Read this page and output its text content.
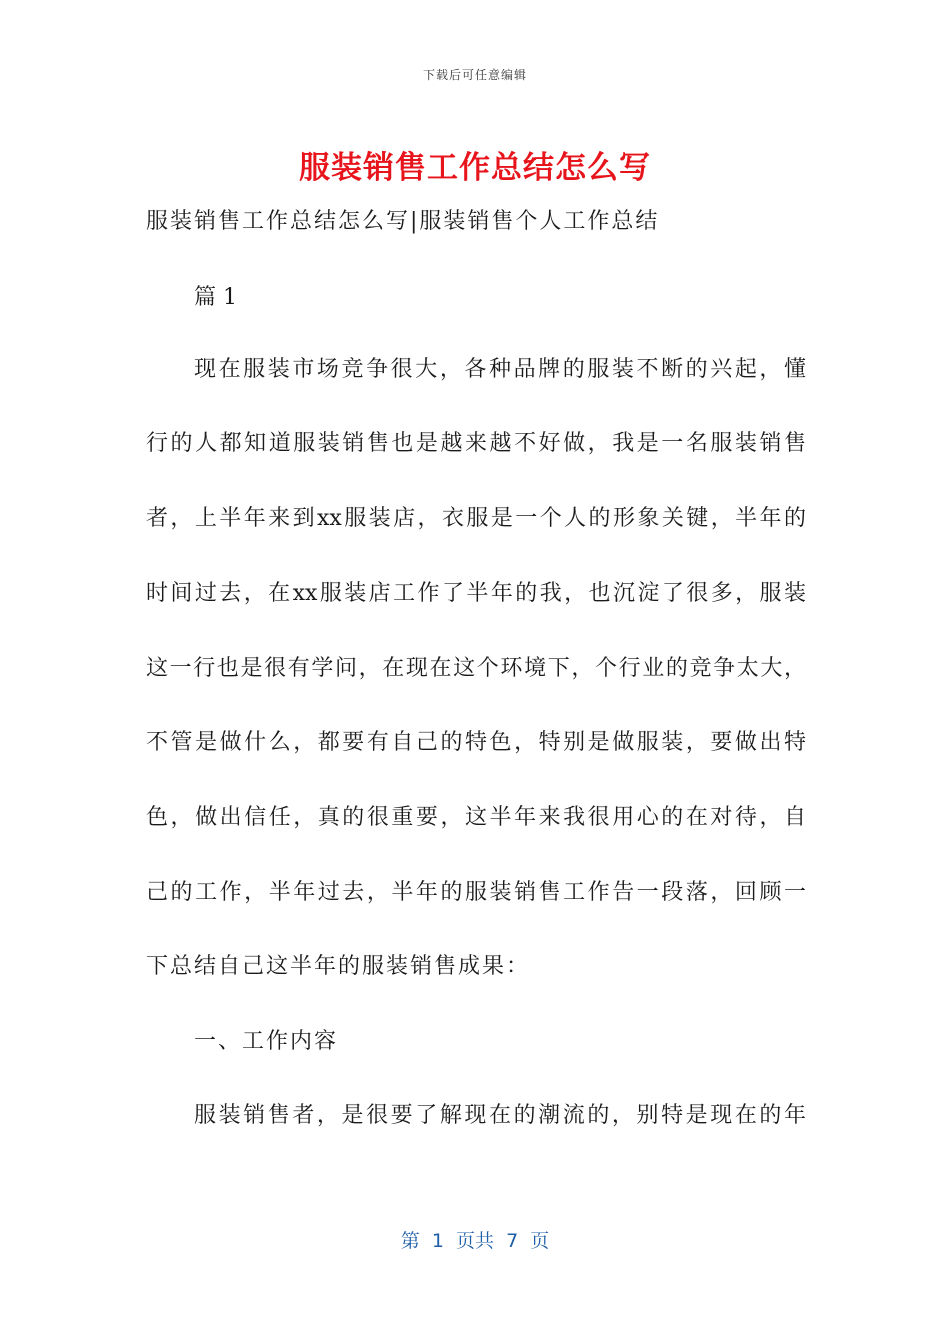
下载后可任意编辑
服装销售工作总结怎么写
服装销售工作总结怎么写|服装销售个人工作总结
篇 1
现在服装市场竞争很大，各种品牌的服装不断的兴起，懂
行的人都知道服装销售也是越来越不好做，我是一名服装销售
者，上半年来到xx服装店，衣服是一个人的形象关键，半年的
时间过去，在xx服装店工作了半年的我，也沉淀了很多，服装
这一行也是很有学问，在现在这个环境下，个行业的竞争太大，
不管是做什么，都要有自己的特色，特别是做服装，要做出特
色，做出信任，真的很重要，这半年来我很用心的在对待，自
己的工作，半年过去，半年的服装销售工作告一段落，回顾一
下总结自己这半年的服装销售成果：
一、工作内容
服装销售者，是很要了解现在的潮流的，别特是现在的年
第  1  页共  7  页
